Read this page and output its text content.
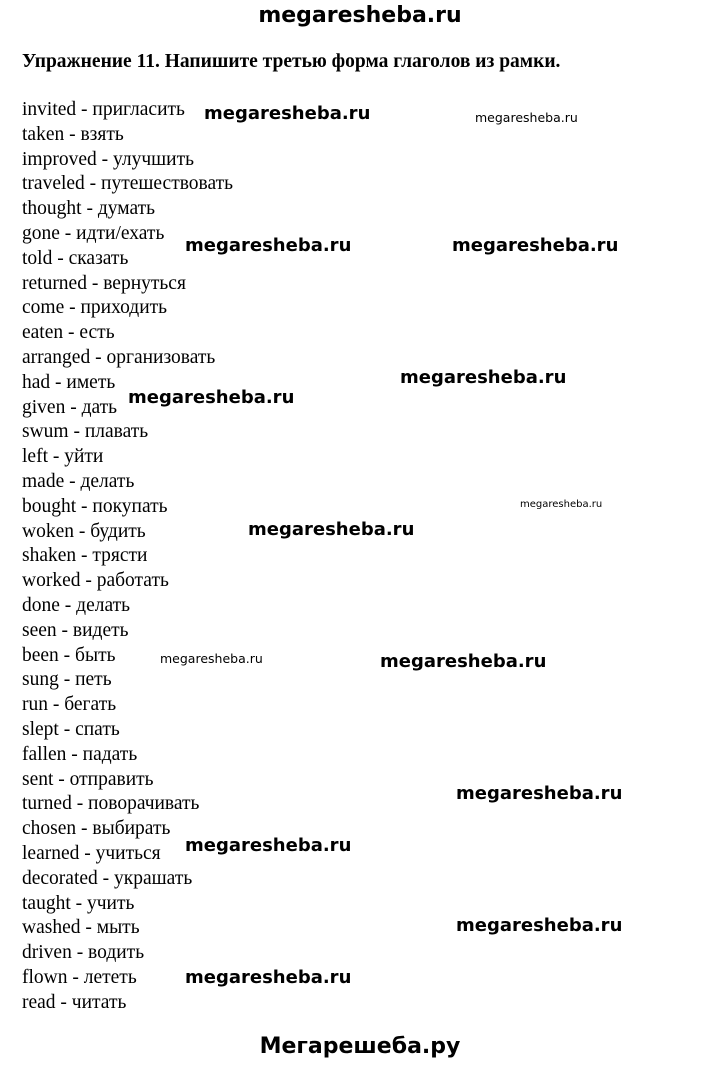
megaresheba.ru
Упражнение 11. Напишите третью форма глаголов из рамки.
invited - пригласить
taken - взять
improved - улучшить
traveled - путешествовать
thought - думать
gone - идти/ехать
told - сказать
returned - вернуться
come - приходить
eaten - есть
arranged - организовать
had - иметь
given - дать
swum - плавать
left - уйти
made - делать
bought - покупать
woken - будить
shaken - трясти
worked - работать
done - делать
seen - видеть
been - быть
sung - петь
run - бегать
slept - спать
fallen - падать
sent - отправить
turned - поворачивать
chosen - выбирать
learned - учиться
decorated - украшать
taught - учить
washed - мыть
driven - водить
flown - лететь
read - читать
megaresheba.ru	megaresheba.ru
megaresheba.ru	megaresheba.ru
megaresheba.ru
megaresheba.ru
megaresheba.ru
megaresheba.ru
megaresheba.ru	megaresheba.ru
megaresheba.ru
megaresheba.ru
megaresheba.ru
megaresheba.ru
Мегарешеба.ру
